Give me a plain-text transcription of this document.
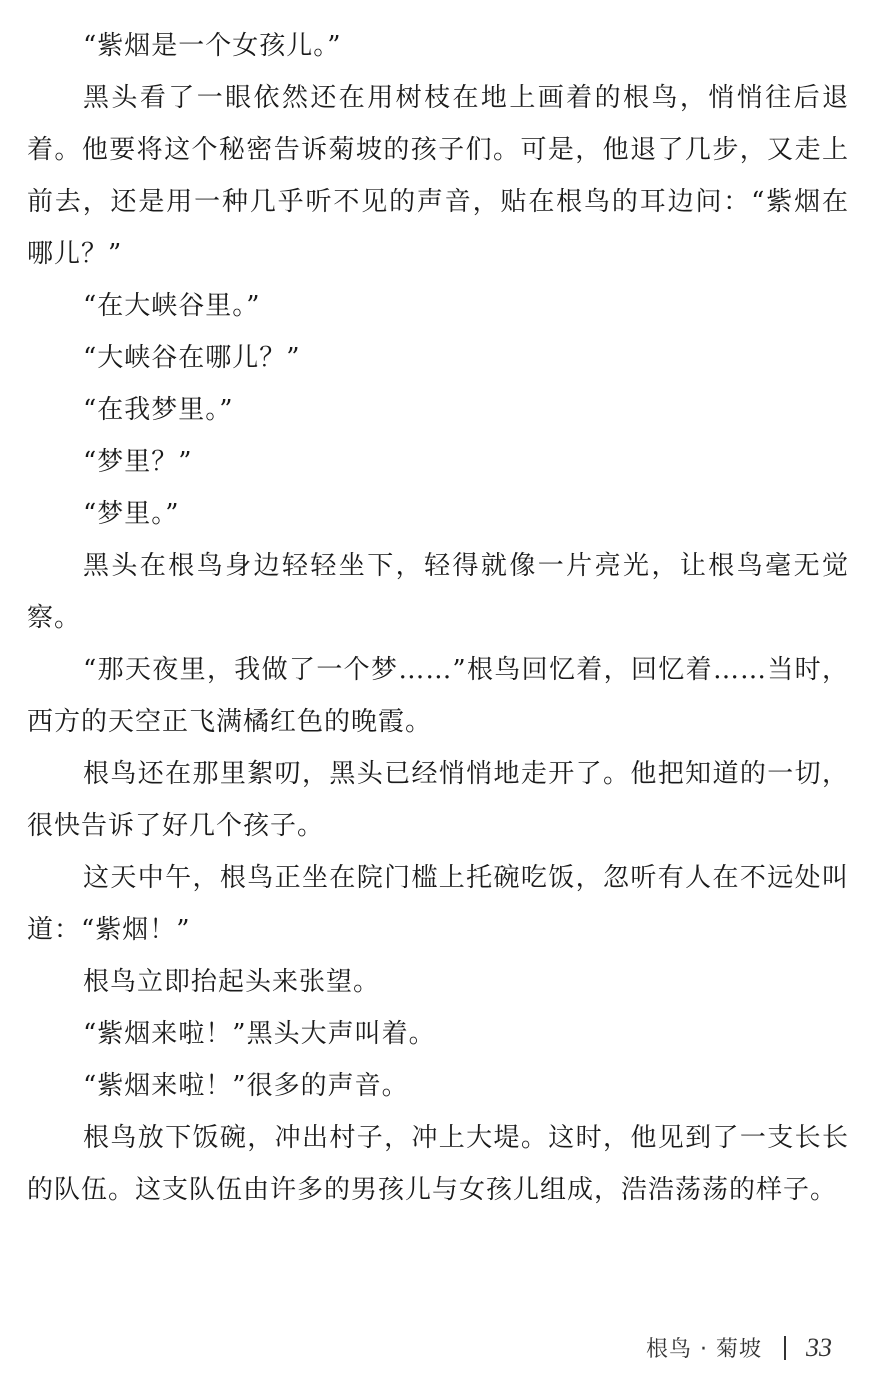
“紫烟是一个女孩儿。”

黑头看了一眼依然还在用树枝在地上画着的根鸟，悄悄往后退着。他要将这个秘密告诉菊坡的孩子们。可是，他退了几步，又走上前去，还是用一种几乎听不见的声音，贴在根鸟的耳边问：“紫烟在哪儿？”

“在大峡谷里。”

“大峡谷在哪儿？”

“在我梦里。”

“梦里？”

“梦里。”

黑头在根鸟身边轻轻坐下，轻得就像一片亮光，让根鸟毫无觉察。

“那天夜里，我做了一个梦……”根鸟回忆着，回忆着……当时，西方的天空正飞满橘红色的晚霞。

根鸟还在那里絮叨，黑头已经悄悄地走开了。他把知道的一切，很快告诉了好几个孩子。

这天中午，根鸟正坐在院门槛上托碗吃饭，忽听有人在不远处叫道：“紫烟！”

根鸟立即抬起头来张望。

“紫烟来啦！”黑头大声叫着。

“紫烟来啦！”很多的声音。

根鸟放下饭碗，冲出村子，冲上大堤。这时，他见到了一支长长的队伍。这支队伍由许多的男孩儿与女孩儿组成，浩浩荡荡的样子。

根鸟 · 菊坡 33
